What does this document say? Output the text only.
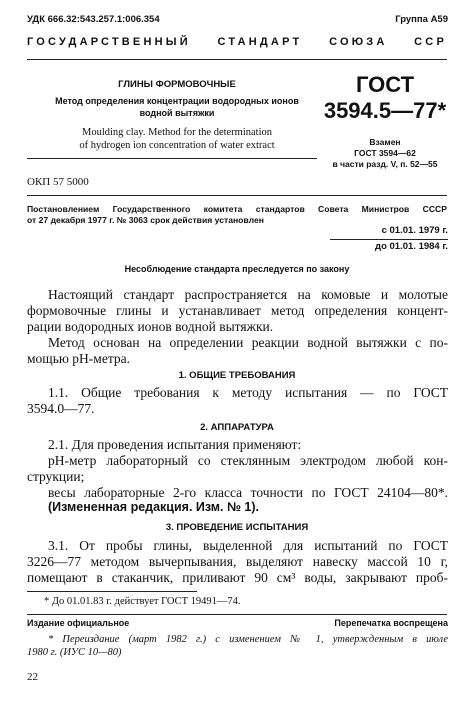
УДК 666.32:543.257.1:006.354	Группа А59
ГОСУДАРСТВЕННЫЙ СТАНДАРТ СОЮЗА ССР
ГЛИНЫ ФОРМОВОЧНЫЕ
Метод определения концентрации водородных ионов
водной вытяжки
Moulding clay. Method for the determination
of hydrogen ion concentration of water extract
ГОСТ
3594.5—77*
Взамен
ГОСТ 3594—62
в части разд. V, п. 52—55
ОКП 57 5000
Постановлением Государственного комитета стандартов Совета Министров СССР
от 27 декабря 1977 г. № 3063 срок действия установлен
с 01.01. 1979 г.
до 01.01. 1984 г.
Несоблюдение стандарта преследуется по закону
Настоящий стандарт распространяется на комовые и молотые
формовочные глины и устанавливает метод определения концент-
рации водородных ионов водной вытяжки.
Метод основан на определении реакции водной вытяжки с по-
мощью рН-метра.
1. ОБЩИЕ ТРЕБОВАНИЯ
1.1. Общие требования к методу испытания — по ГОСТ
3594.0—77.
2. АППАРАТУРА
2.1. Для проведения испытания применяют:
рН-метр лабораторный со стеклянным электродом любой кон-
струкции;
весы лабораторные 2-го класса точности по ГОСТ 24104—80*.
(Измененная редакция. Изм. № 1).
3. ПРОВЕДЕНИЕ ИСПЫТАНИЯ
3.1. От пробы глины, выделенной для испытаний по ГОСТ
3226—77 методом вычерпывания, выделяют навеску массой 10 г,
помещают в стаканчик, приливают 90 см³ воды, закрывают проб-
* До 01.01.83 г. действует ГОСТ 19491—74.
Издание официальное	Перепечатка воспрещена
* Переиздание (март 1982 г.) с изменением № 1, утвержденным в июле
1980 г. (ИУС 10—80)
22
